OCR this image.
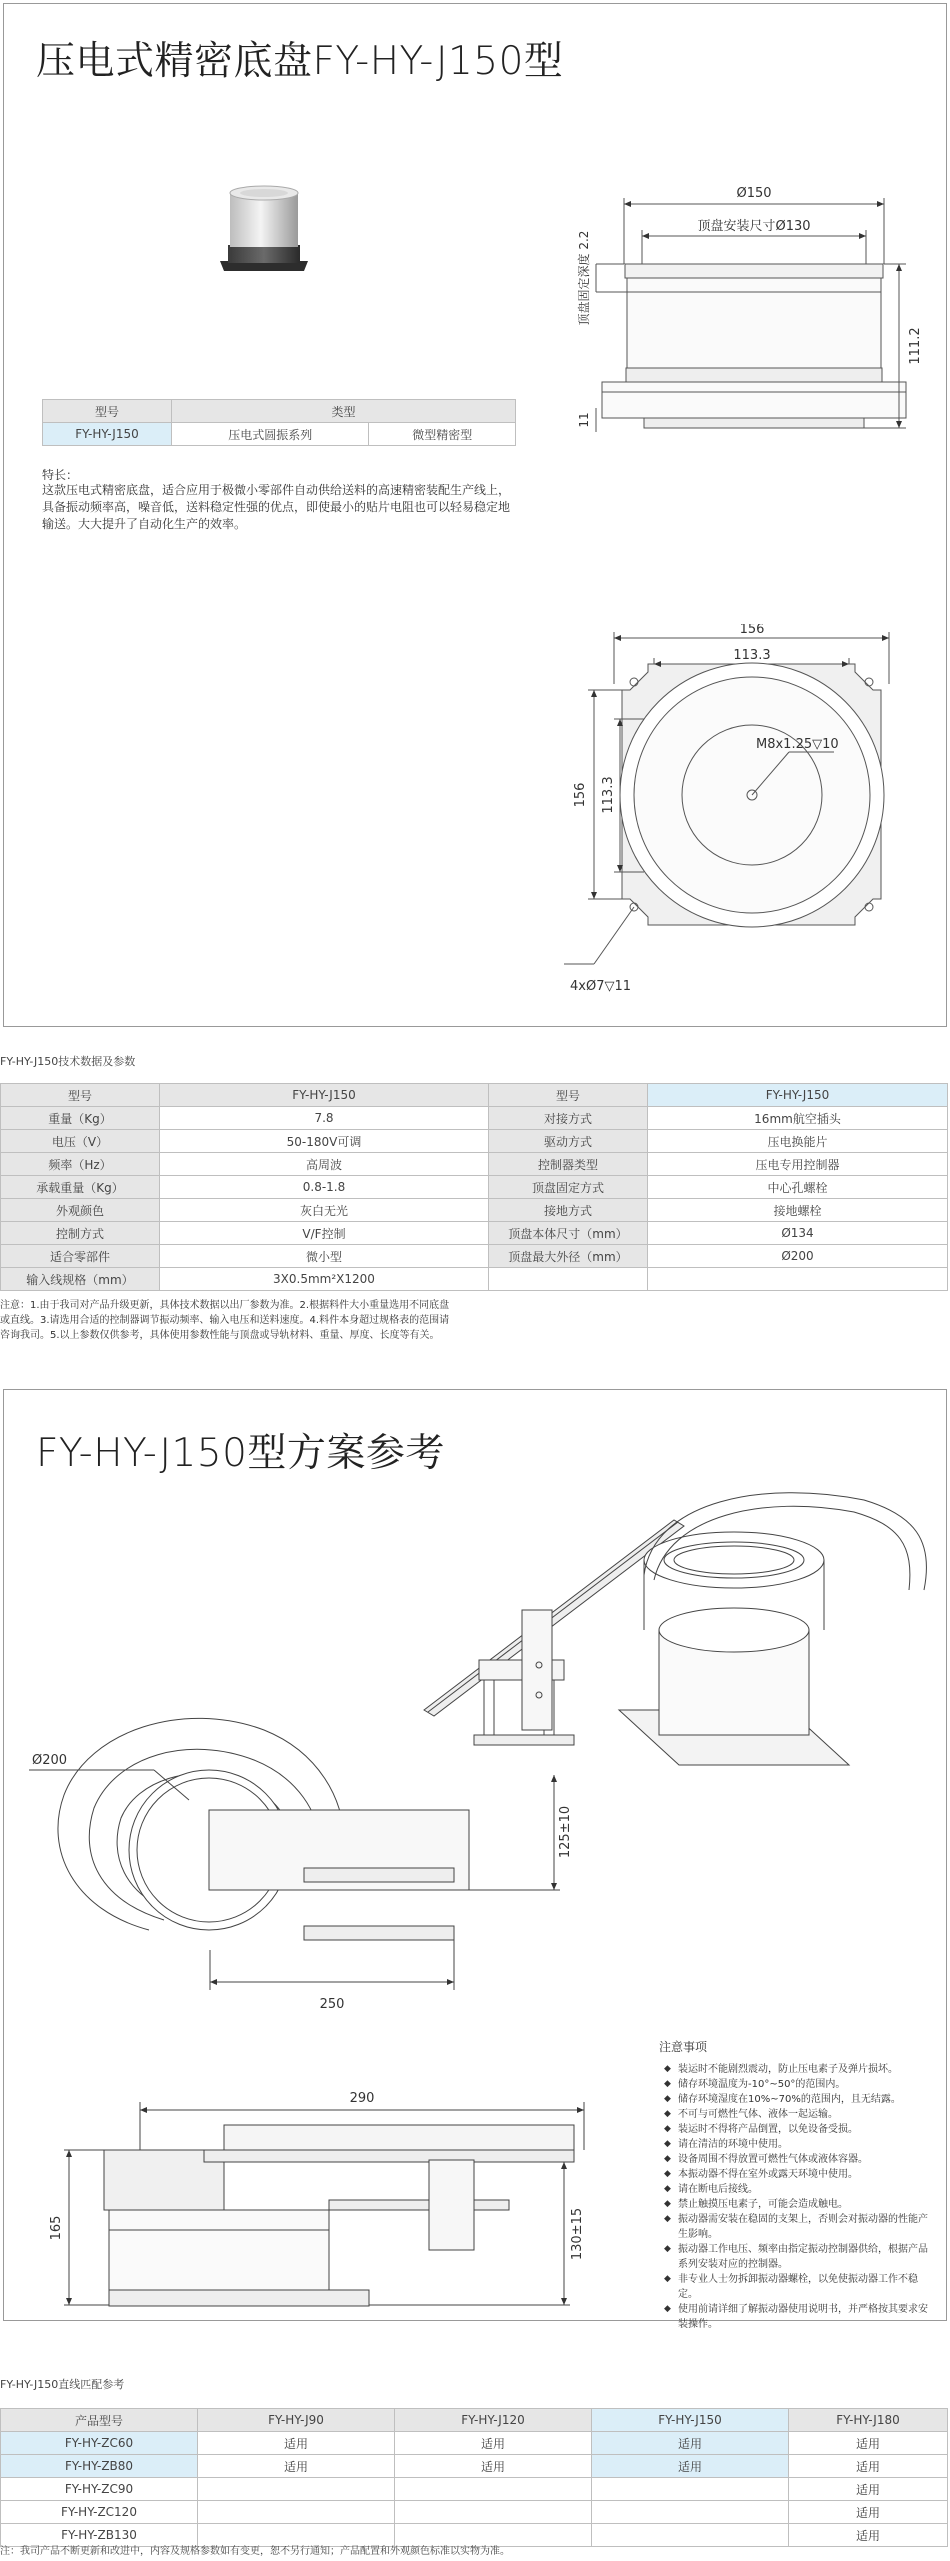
压电式精密底盘FY-HY-J150型
型号	类型	
FY-HY-J150	压电式圆振系列	微型精密型
特长：
这款压电式精密底盘，适合应用于极微小零部件自动供给送料的高速精密装配生产线上，具备振动频率高，噪音低，送料稳定性强的优点，即使最小的贴片电阻也可以轻易稳定地输送。大大提升了自动化生产的效率。
Ø150
顶盘安装尺寸Ø130
111.2
顶盘固定深度 2.2
11
156
113.3
156 113.3
M8x1.25▽10
4xØ7▽11
FY-HY-J150技术数据及参数
型号	FY-HY-J150	型号	FY-HY-J150
重量（Kg）	7.8	对接方式	16mm航空插头
电压（V）	50-180V可调	驱动方式	压电换能片
频率（Hz）	高周波	控制器类型	压电专用控制器
承载重量（Kg）	0.8-1.8	顶盘固定方式	中心孔螺栓
外观颜色	灰白无光	接地方式	接地螺栓
控制方式	V/F控制	顶盘本体尺寸（mm）	Ø134
适合零部件	微小型	顶盘最大外径（mm）	Ø200
输入线规格（mm）	3X0.5mm²X1200		
注意：1.由于我司对产品升级更新，具体技术数据以出厂参数为准。2.根据料件大小重量选用不同底盘或直线。3.请选用合适的控制器调节振动频率、输入电压和送料速度。4.料件本身超过规格表的范围请咨询我司。5.以上参数仅供参考，具体使用参数性能与顶盘或导轨材料、重量、厚度、长度等有关。
FY-HY-J150型方案参考
Ø200
125±10
250
290
165	130±15
注意事项
◆ 装运时不能剧烈震动，防止压电素子及弹片损坏。
◆ 储存环境温度为-10°~50°的范围内。
◆ 储存环境湿度在10%~70%的范围内，且无结露。
◆ 不可与可燃性气体、液体一起运输。
◆ 装运时不得将产品倒置，以免设备受损。
◆ 请在清洁的环境中使用。
◆ 设备周围不得放置可燃性气体或液体容器。
◆ 本振动器不得在室外或露天环境中使用。
◆ 请在断电后接线。
◆ 禁止触摸压电素子，可能会造成触电。
◆ 振动器需安装在稳固的支架上，否则会对振动器的性能产生影响。
◆ 振动器工作电压、频率由指定振动控制器供给，根据产品系列安装对应的控制器。
◆ 非专业人士勿拆卸振动器螺栓，以免使振动器工作不稳定。
◆ 使用前请详细了解振动器使用说明书，并严格按其要求安装操作。
FY-HY-J150直线匹配参考
产品型号	FY-HY-J90	FY-HY-J120	FY-HY-J150	FY-HY-J180
FY-HY-ZC60	适用	适用	适用	适用
FY-HY-ZB80	适用	适用	适用	适用
FY-HY-ZC90				适用
FY-HY-ZC120				适用
FY-HY-ZB130				适用
注：我司产品不断更新和改进中，内容及规格参数如有变更，恕不另行通知；产品配置和外观颜色标准以实物为准。
